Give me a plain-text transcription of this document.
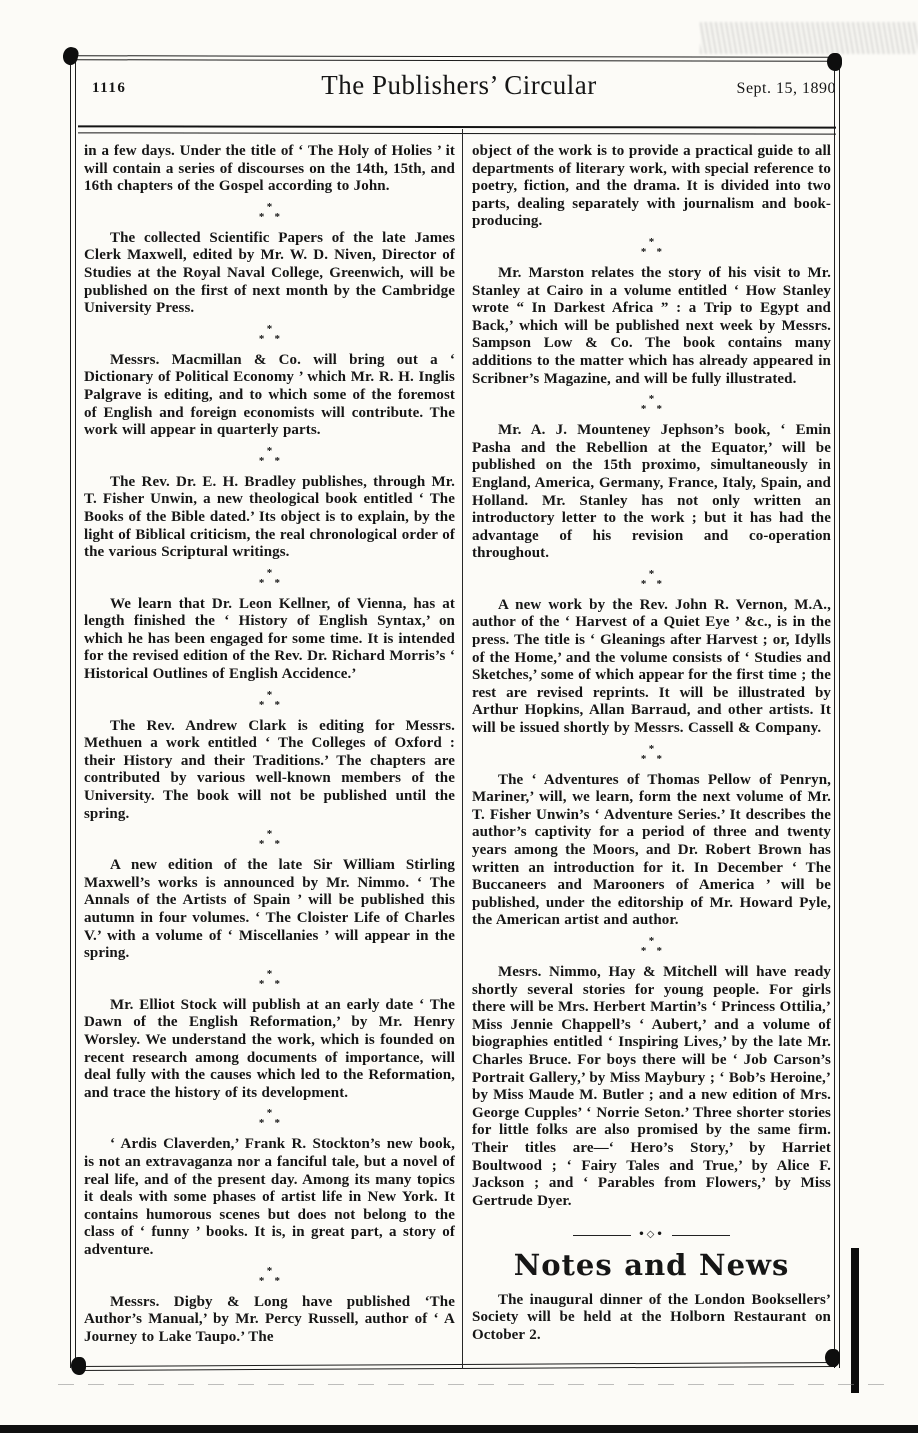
1116	The Publishers’ Circular	Sept. 15, 1890

in a few days. Under the title of ‘ The Holy of Holies ’ it will contain a series of discourses on the 14th, 15th, and 16th chapters of the Gospel according to John.

*
*   *

The collected Scientific Papers of the late James Clerk Maxwell, edited by Mr. W. D. Niven, Director of Studies at the Royal Naval College, Greenwich, will be published on the first of next month by the Cambridge University Press.

*
*   *

Messrs. Macmillan & Co. will bring out a ‘ Dictionary of Political Economy ’ which Mr. R. H. Inglis Palgrave is editing, and to which some of the foremost of English and foreign economists will contribute. The work will appear in quarterly parts.

*
*   *

The Rev. Dr. E. H. Bradley publishes, through Mr. T. Fisher Unwin, a new theological book entitled ‘ The Books of the Bible dated.’ Its object is to explain, by the light of Biblical criticism, the real chronological order of the various Scriptural writings.

*
*   *

We learn that Dr. Leon Kellner, of Vienna, has at length finished the ‘ History of English Syntax,’ on which he has been engaged for some time. It is intended for the revised edition of the Rev. Dr. Richard Morris’s ‘ Historical Outlines of English Accidence.’

*
*   *

The Rev. Andrew Clark is editing for Messrs. Methuen a work entitled ‘ The Colleges of Oxford : their History and their Traditions.’ The chapters are contributed by various well-known members of the University. The book will not be published until the spring.

*
*   *

A new edition of the late Sir William Stirling Maxwell’s works is announced by Mr. Nimmo. ‘ The Annals of the Artists of Spain ’ will be published this autumn in four volumes. ‘ The Cloister Life of Charles V.’ with a volume of ‘ Miscellanies ’ will appear in the spring.

*
*   *

Mr. Elliot Stock will publish at an early date ‘ The Dawn of the English Reformation,’ by Mr. Henry Worsley. We understand the work, which is founded on recent research among documents of importance, will deal fully with the causes which led to the Reformation, and trace the history of its development.

*
*   *

‘ Ardis Claverden,’ Frank R. Stockton’s new book, is not an extravaganza nor a fanciful tale, but a novel of real life, and of the present day. Among its many topics it deals with some phases of artist life in New York. It contains humorous scenes but does not belong to the class of ‘ funny ’ books. It is, in great part, a story of adventure.

*
*   *

Messrs. Digby & Long have published ‘The Author’s Manual,’ by Mr. Percy Russell, author of ‘ A Journey to Lake Taupo.’ The

object of the work is to provide a practical guide to all departments of literary work, with special reference to poetry, fiction, and the drama. It is divided into two parts, dealing separately with journalism and book-producing.

*
*   *

Mr. Marston relates the story of his visit to Mr. Stanley at Cairo in a volume entitled ‘ How Stanley wrote “ In Darkest Africa ” : a Trip to Egypt and Back,’ which will be published next week by Messrs. Sampson Low & Co. The book contains many additions to the matter which has already appeared in Scribner’s Magazine, and will be fully illustrated.

*
*   *

Mr. A. J. Mounteney Jephson’s book, ‘ Emin Pasha and the Rebellion at the Equator,’ will be published on the 15th proximo, simultaneously in England, America, Germany, France, Italy, Spain, and Holland. Mr. Stanley has not only written an introductory letter to the work ; but it has had the advantage of his revision and co-operation throughout.

*
*   *

A new work by the Rev. John R. Vernon, M.A., author of the ‘ Harvest of a Quiet Eye ’ &c., is in the press. The title is ‘ Gleanings after Harvest ; or, Idylls of the Home,’ and the volume consists of ‘ Studies and Sketches,’ some of which appear for the first time ; the rest are revised reprints. It will be illustrated by Arthur Hopkins, Allan Barraud, and other artists. It will be issued shortly by Messrs. Cassell & Company.

*
*   *

The ‘ Adventures of Thomas Pellow of Penryn, Mariner,’ will, we learn, form the next volume of Mr. T. Fisher Unwin’s ‘ Adventure Series.’ It describes the author’s captivity for a period of three and twenty years among the Moors, and Dr. Robert Brown has written an introduction for it. In December ‘ The Buccaneers and Marooners of America ’ will be published, under the editorship of Mr. Howard Pyle, the American artist and author.

*
*   *

Mesrs. Nimmo, Hay & Mitchell will have ready shortly several stories for young people. For girls there will be Mrs. Herbert Martin’s ‘ Princess Ottilia,’ Miss Jennie Chappell’s ‘ Aubert,’ and a volume of biographies entitled ‘ Inspiring Lives,’ by the late Mr. Charles Bruce. For boys there will be ‘ Job Carson’s Portrait Gallery,’ by Miss Maybury ; ‘ Bob’s Heroine,’ by Miss Maude M. Butler ; and a new edition of Mrs. George Cupples’ ‘ Norrie Seton.’ Three shorter stories for little folks are also promised by the same firm. Their titles are—‘ Hero’s Story,’ by Harriet Boultwood ; ‘ Fairy Tales and True,’ by Alice F. Jackson ; and ‘ Parables from Flowers,’ by Miss Gertrude Dyer.

•◇•
Notes and News

The inaugural dinner of the London Booksellers’ Society will be held at the Holborn Restaurant on October 2.
